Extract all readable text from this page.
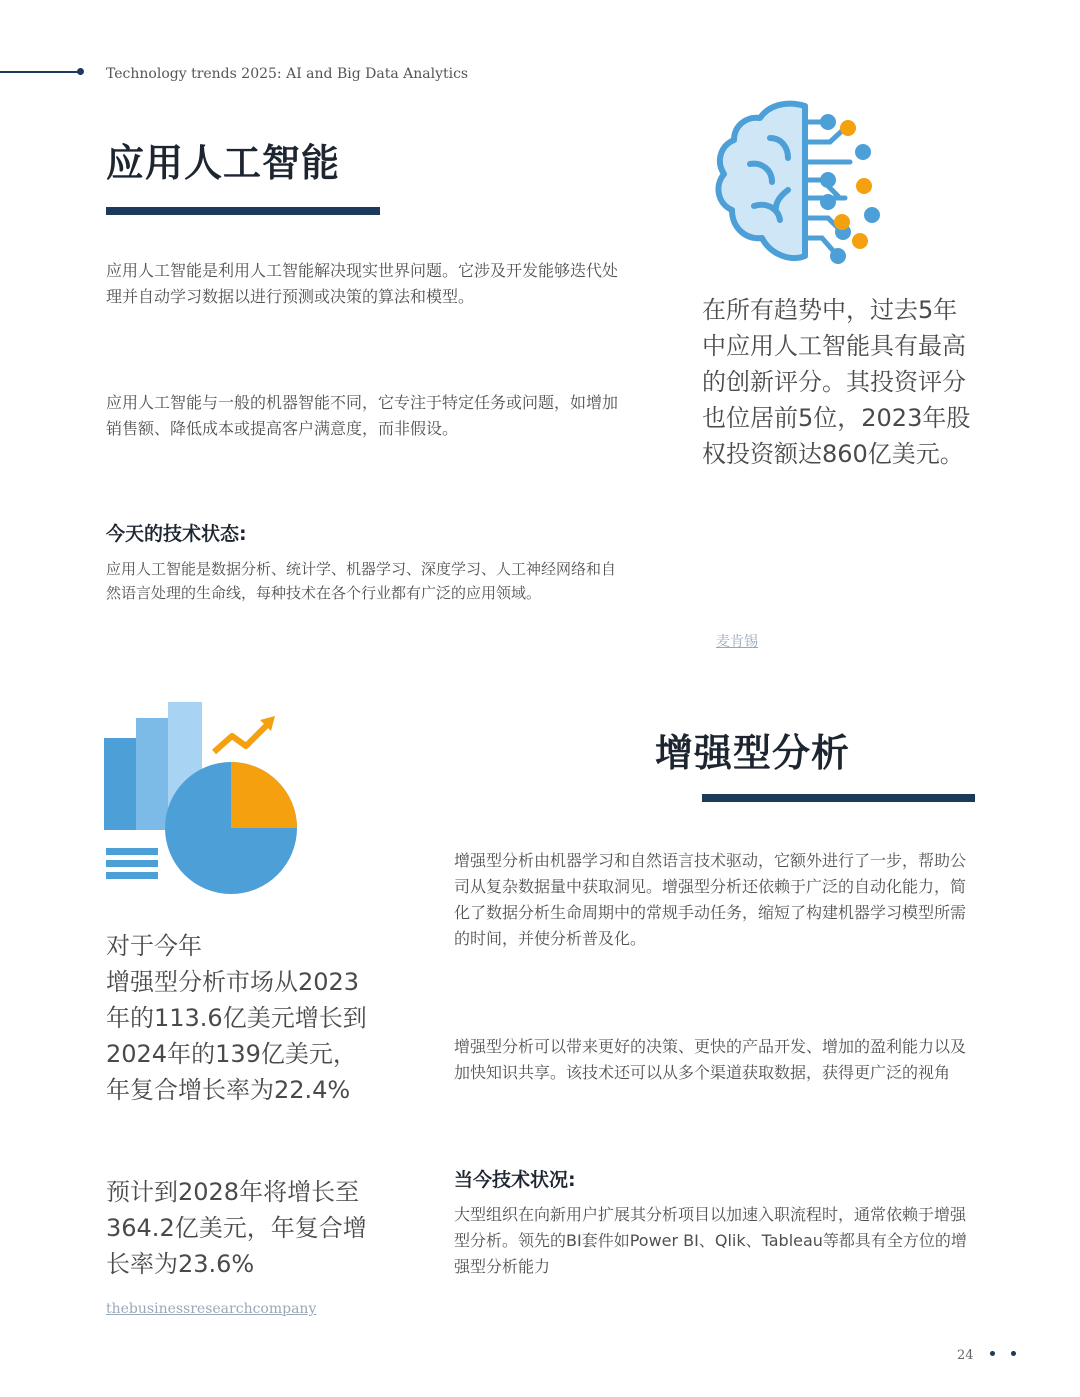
Technology trends 2025: AI and Big Data Analytics
应用人工智能
应用人工智能是利用人工智能解决现实世界问题。它涉及开发能够迭代处理并自动学习数据以进行预测或决策的算法和模型。
应用人工智能与一般的机器智能不同，它专注于特定任务或问题，如增加销售额、降低成本或提高客户满意度，而非假设。
今天的技术状态:
应用人工智能是数据分析、统计学、机器学习、深度学习、人工神经网络和自然语言处理的生命线，每种技术在各个行业都有广泛的应用领域。
在所有趋势中，过去5年中应用人工智能具有最高的创新评分。其投资评分也位居前5位，2023年股权投资额达860亿美元。
麦肯锡
增强型分析
增强型分析由机器学习和自然语言技术驱动，它额外进行了一步，帮助公司从复杂数据量中获取洞见。增强型分析还依赖于广泛的自动化能力，简化了数据分析生命周期中的常规手动任务，缩短了构建机器学习模型所需的时间，并使分析普及化。
增强型分析可以带来更好的决策、更快的产品开发、增加的盈利能力以及加快知识共享。该技术还可以从多个渠道获取数据，获得更广泛的视角
当今技术状况:
大型组织在向新用户扩展其分析项目以加速入职流程时，通常依赖于增强型分析。领先的BI套件如Power BI、Qlik、Tableau等都具有全方位的增强型分析能力
对于今年
增强型分析市场从2023年的113.6亿美元增长到2024年的139亿美元，
年复合增长率为22.4%
预计到2028年将增长至364.2亿美元，年复合增长率为23.6%
thebusinessresearchcompany
24
